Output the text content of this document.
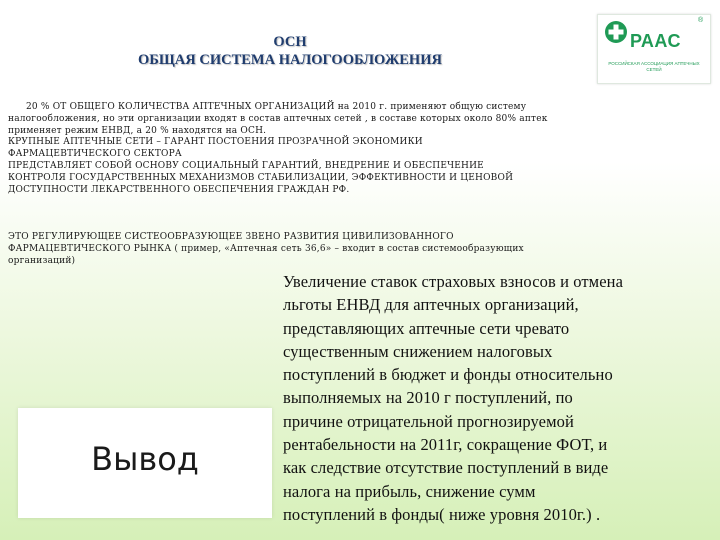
ОСН
ОБЩАЯ СИСТЕМА НАЛОГООБЛОЖЕНИЯ
®
РААС
РОССИЙСКАЯ АССОЦИАЦИЯ АПТЕЧНЫХ СЕТЕЙ
20 % ОТ ОБЩЕГО КОЛИЧЕСТВА АПТЕЧНЫХ ОРГАНИЗАЦИЙ на 2010 г. применяют общую систему
налогообложения, но эти организации входят в состав аптечных сетей , в составе которых около 80% аптек
применяет режим ЕНВД, а 20 % находятся на ОСН.
КРУПНЫЕ АПТЕЧНЫЕ СЕТИ – ГАРАНТ ПОСТОЕНИЯ ПРОЗРАЧНОЙ ЭКОНОМИКИ
ФАРМАЦЕВТИЧЕСКОГО СЕКТОРА
ПРЕДСТАВЛЯЕТ СОБОЙ ОСНОВУ СОЦИАЛЬНЫЙ ГАРАНТИЙ, ВНЕДРЕНИЕ И ОБЕСПЕЧЕНИЕ
КОНТРОЛЯ ГОСУДАРСТВЕННЫХ МЕХАНИЗМОВ СТАБИЛИЗАЦИИ, ЭФФЕКТИВНОСТИ И ЦЕНОВОЙ
ДОСТУПНОСТИ ЛЕКАРСТВЕННОГО ОБЕСПЕЧЕНИЯ ГРАЖДАН РФ.
ЭТО РЕГУЛИРУЮЩЕЕ СИСТЕООБРАЗУЮЩЕЕ ЗВЕНО РАЗВИТИЯ ЦИВИЛИЗОВАННОГО
ФАРМАЦЕВТИЧЕСКОГО РЫНКА ( пример, «Аптечная сеть 36,6» – входит в состав системообразующих
организаций)
Вывод
Увеличение ставок страховых взносов и отмена
льготы ЕНВД для аптечных организаций,
представляющих аптечные сети чревато
существенным снижением налоговых
поступлений в бюджет и фонды относительно
выполняемых на 2010 г поступлений, по
причине отрицательной прогнозируемой
рентабельности на 2011г, сокращение ФОТ, и
как следствие отсутствие поступлений в виде
налога на прибыль, снижение сумм
поступлений в фонды( ниже уровня 2010г.) .
